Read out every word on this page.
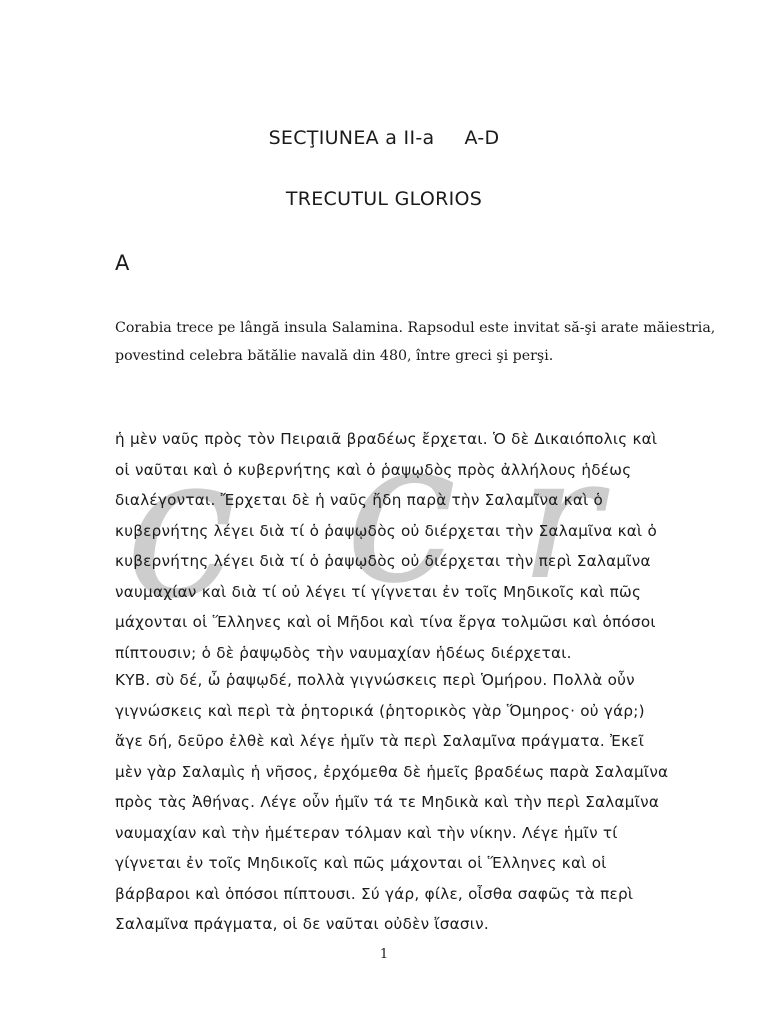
c c r
SECŢIUNEA a II-a A-D
TRECUTUL GLORIOS
A
Corabia trece pe lângă insula Salamina. Rapsodul este invitat să-şi arate măiestria,
povestind celebra bătălie navală din 480, între greci şi perşi.
ἡ μὲν ναῦς πρὸς τὸν Πειραιᾶ βραδέως ἔρχεται. Ὁ δὲ Δικαιόπολις καὶ
οἱ ναῦται καὶ ὁ κυβερνήτης καὶ ὁ ῥαψῳδὸς πρὸς ἀλλήλους ἡδέως
διαλέγονται. Ἔρχεται δὲ ἡ ναῦς ἤδη παρὰ τὴν Σαλαμῖνα καὶ ὁ
κυβερνήτης λέγει διὰ τί ὁ ῥαψῳδὸς οὐ διέρχεται τὴν Σαλαμῖνα καὶ ὁ
κυβερνήτης λέγει διὰ τί ὁ ῥαψῳδὸς οὐ διέρχεται τὴν περὶ Σαλαμῖνα
ναυμαχίαν καὶ διὰ τί οὐ λέγει τί γίγνεται ἐν τοῖς Μηδικοῖς καὶ πῶς
μάχονται οἱ Ἕλληνες καὶ οἱ Μῆδοι καὶ τίνα ἔργα τολμῶσι καὶ ὁπόσοι
πίπτουσιν; ὁ δὲ ῥαψῳδὸς τὴν ναυμαχίαν ἡδέως διέρχεται.
ΚΥΒ. σὺ δέ, ὦ ῥαψῳδέ, πολλὰ γιγνώσκεις περὶ Ὁμήρου. Πολλὰ οὖν
γιγνώσκεις καὶ περὶ τὰ ῥητορικά (ῥητορικὸς γὰρ Ὅμηρος· οὐ γάρ;)
ἄγε δή, δεῦρο ἐλθὲ καὶ λέγε ἡμῖν τὰ περὶ Σαλαμῖνα πράγματα. Ἐκεῖ
μὲν γὰρ Σαλαμὶς ἡ νῆσος, ἐρχόμεθα δὲ ἡμεῖς βραδέως παρὰ Σαλαμῖνα
πρὸς τὰς Ἀθήνας. Λέγε οὖν ἡμῖν τά τε Μηδικὰ καὶ τὴν περὶ Σαλαμῖνα
ναυμαχίαν καὶ τὴν ἡμέτεραν τόλμαν καὶ τὴν νίκην. Λέγε ἡμῖν τί
γίγνεται ἐν τοῖς Μηδικοῖς καὶ πῶς μάχονται οἱ Ἕλληνες καὶ οἱ
βάρβαροι καὶ ὁπόσοι πίπτουσι. Σύ γάρ, φίλε, οἶσθα σαφῶς τὰ περὶ
Σαλαμῖνα πράγματα, οἱ δε ναῦται οὐδὲν ἴσασιν.
1
